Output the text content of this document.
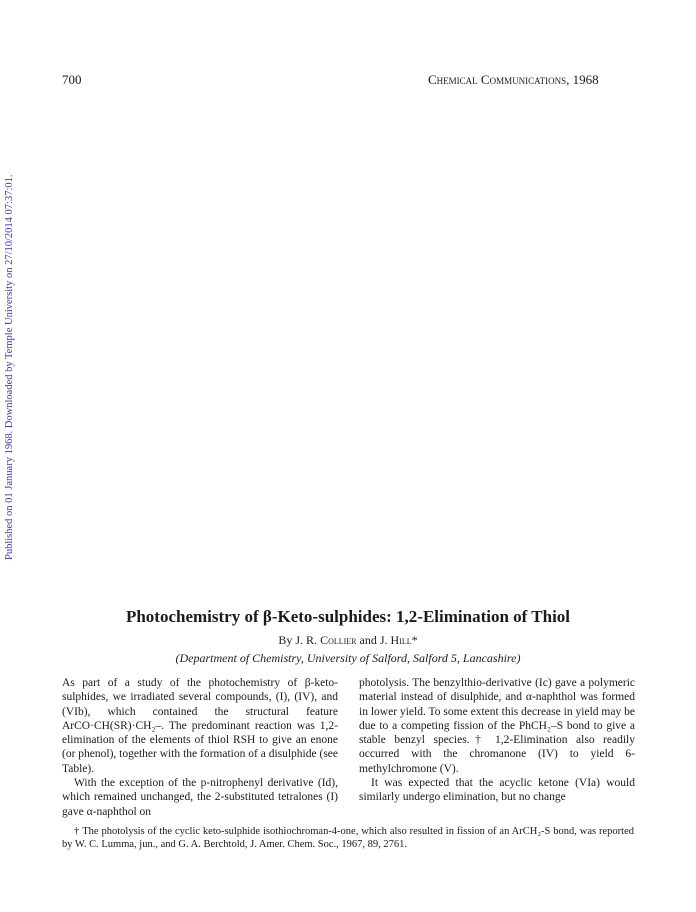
700	Chemical Communications, 1968
Published on 01 January 1968. Downloaded by Temple University on 27/10/2014 07:37:01.
Photochemistry of β-Keto-sulphides: 1,2-Elimination of Thiol
By J. R. Collier and J. Hill*
(Department of Chemistry, University of Salford, Salford 5, Lancashire)

As part of a study of the photochemistry of β-keto-sulphides, we irradiated several compounds, (I), (IV), and (VIb), which contained the structural feature ArCO·CH(SR)·CH₂–. The predominant reaction was 1,2-elimination of the elements of thiol RSH to give an enone (or phenol), together with the formation of a disulphide (see Table).

With the exception of the p-nitrophenyl derivative (Id), which remained unchanged, the 2-substituted tetralones (I) gave α-naphthol on

photolysis. The benzylthio-derivative (Ic) gave a polymeric material instead of disulphide, and α-naphthol was formed in lower yield. To some extent this decrease in yield may be due to a competing fission of the PhCH₂–S bond to give a stable benzyl species.† 1,2-Elimination also readily occurred with the chromanone (IV) to yield 6-methylchromone (V).

It was expected that the acyclic ketone (VIa) would similarly undergo elimination, but no change

† The photolysis of the cyclic keto-sulphide isothiochroman-4-one, which also resulted in fission of an ArCH₂-S bond, was reported by W. C. Lumma, jun., and G. A. Berchtold, J. Amer. Chem. Soc., 1967, 89, 2761.
